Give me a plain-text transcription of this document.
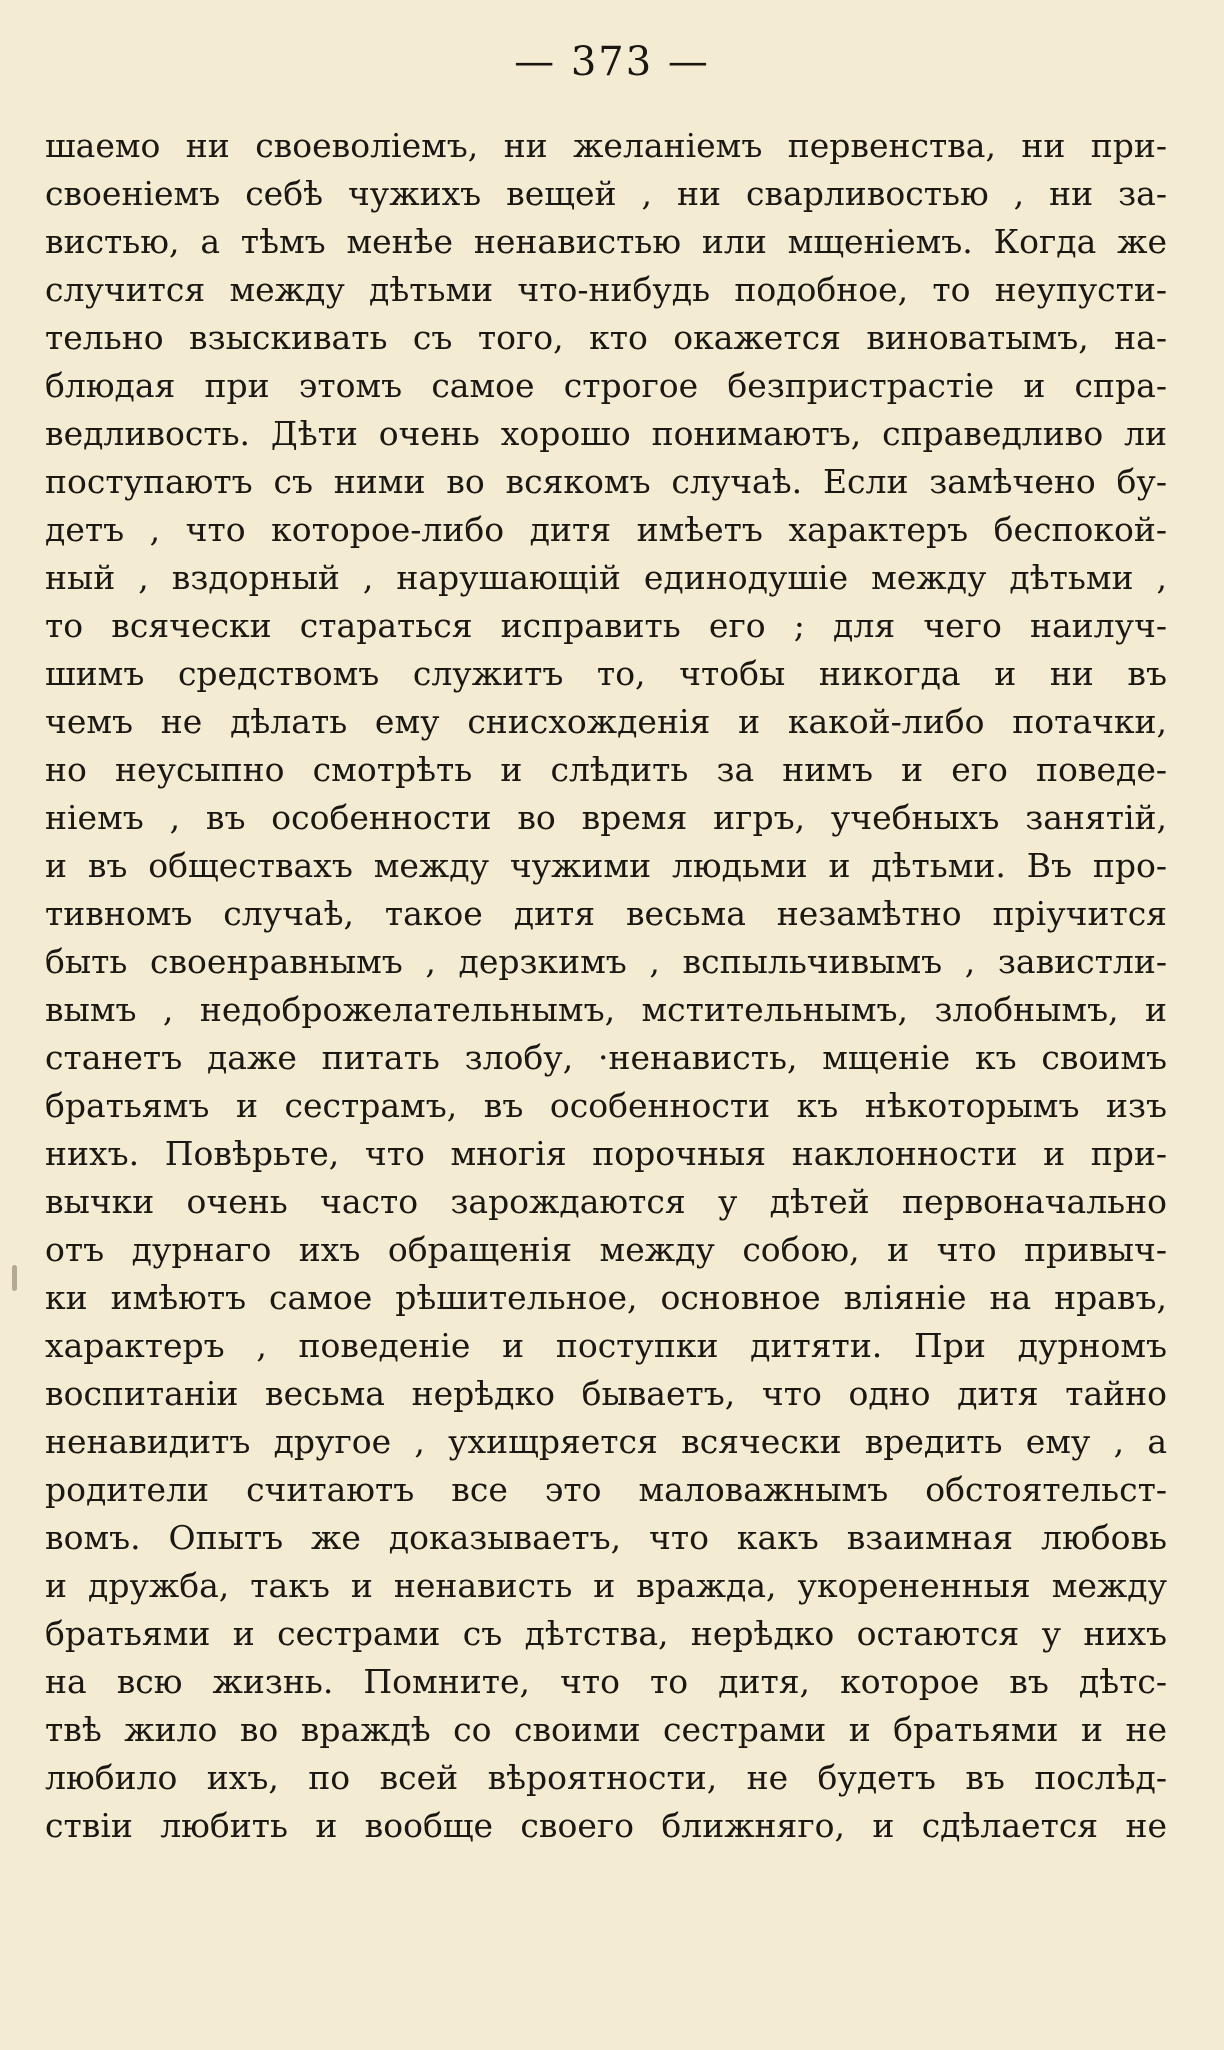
— 373 —
шаемо ни своеволіемъ, ни желаніемъ первенства, ни при-
своеніемъ себѣ чужихъ вещей , ни сварливостью , ни за-
вистью, а тѣмъ менѣе ненавистью или мщеніемъ. Когда же
случится между дѣтьми что-нибудь подобное, то неупусти-
тельно взыскивать съ того, кто окажется виноватымъ, на-
блюдая при этомъ самое строгое безпристрастіе и спра-
ведливость. Дѣти очень хорошо понимаютъ, справедливо ли
поступаютъ съ ними во всякомъ случаѣ. Если замѣчено бу-
детъ , что которое-либо дитя имѣетъ характеръ беспокой-
ный , вздорный , нарушающій единодушіе между дѣтьми ,
то всячески стараться исправить его ; для чего наилуч-
шимъ средствомъ служитъ то, чтобы никогда и ни въ
чемъ не дѣлать ему снисхожденія и какой-либо потачки,
но неусыпно смотрѣть и слѣдить за нимъ и его поведе-
ніемъ , въ особенности во время игръ, учебныхъ занятій,
и въ обществахъ между чужими людьми и дѣтьми. Въ про-
тивномъ случаѣ, такое дитя весьма незамѣтно пріучится
быть своенравнымъ , дерзкимъ , вспыльчивымъ , завистли-
вымъ , недоброжелательнымъ, мстительнымъ, злобнымъ, и
станетъ даже питать злобу, ·ненависть, мщеніе къ своимъ
братьямъ и сестрамъ, въ особенности къ нѣкоторымъ изъ
нихъ. Повѣрьте, что многія порочныя наклонности и при-
вычки очень часто зарождаются у дѣтей первоначально
отъ дурнаго ихъ обращенія между собою, и что привыч-
ки имѣютъ самое рѣшительное, основное вліяніе на нравъ,
характеръ , поведеніе и поступки дитяти. При дурномъ
воспитаніи весьма нерѣдко бываетъ, что одно дитя тайно
ненавидитъ другое , ухищряется всячески вредить ему , а
родители считаютъ все это маловажнымъ обстоятельст-
вомъ. Опытъ же доказываетъ, что какъ взаимная любовь
и дружба, такъ и ненависть и вражда, укорененныя между
братьями и сестрами съ дѣтства, нерѣдко остаются у нихъ
на всю жизнь. Помните, что то дитя, которое въ дѣтс-
твѣ жило во враждѣ со своими сестрами и братьями и не
любило ихъ, по всей вѣроятности, не будетъ въ послѣд-
ствіи любить и вообще своего ближняго, и сдѣлается не
